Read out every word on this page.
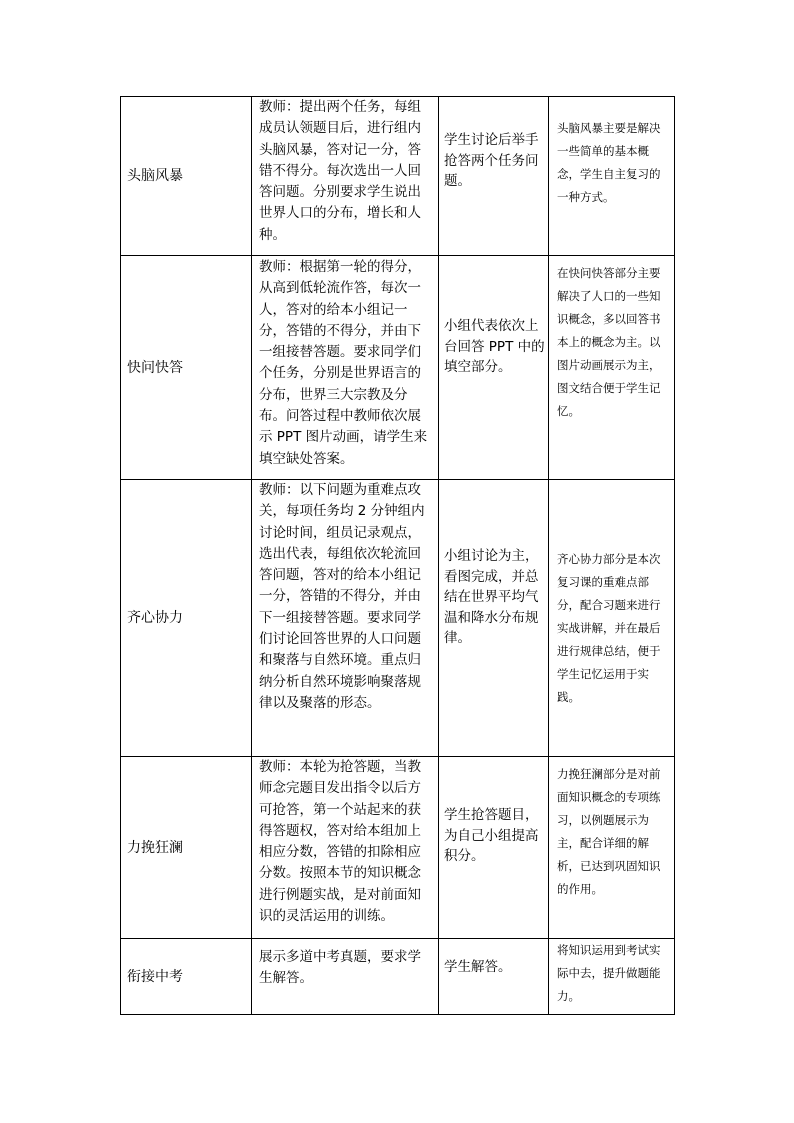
头脑风暴	教师：提出两个任务，每组成员认领题目后，进行组内头脑风暴，答对记一分，答错不得分。每次选出一人回答问题。分别要求学生说出世界人口的分布，增长和人种。	学生讨论后举手抢答两个任务问题。	头脑风暴主要是解决一些简单的基本概念，学生自主复习的一种方式。

快问快答	教师：根据第一轮的得分，从高到低轮流作答，每次一人，答对的给本小组记一分，答错的不得分，并由下一组接替答题。要求同学们个任务，分别是世界语言的分布，世界三大宗教及分布。问答过程中教师依次展示 PPT 图片动画，请学生来填空缺处答案。	小组代表依次上台回答 PPT 中的填空部分。	在快问快答部分主要解决了人口的一些知识概念，多以回答书本上的概念为主。以图片动画展示为主，图文结合便于学生记忆。

齐心协力	教师：以下问题为重难点攻关，每项任务均 2 分钟组内讨论时间，组员记录观点，选出代表，每组依次轮流回答问题，答对的给本小组记一分，答错的不得分，并由下一组接替答题。要求同学们讨论回答世界的人口问题和聚落与自然环境。重点归纳分析自然环境影响聚落规律以及聚落的形态。	小组讨论为主，看图完成，并总结在世界平均气温和降水分布规律。	齐心协力部分是本次复习课的重难点部分，配合习题来进行实战讲解，并在最后进行规律总结，便于学生记忆运用于实践。

力挽狂澜	教师：本轮为抢答题，当教师念完题目发出指令以后方可抢答，第一个站起来的获得答题权，答对给本组加上相应分数，答错的扣除相应分数。按照本节的知识概念进行例题实战，是对前面知识的灵活运用的训练。	学生抢答题目，为自己小组提高积分。	力挽狂澜部分是对前面知识概念的专项练习，以例题展示为主，配合详细的解析，已达到巩固知识的作用。

衔接中考	展示多道中考真题，要求学生解答。	学生解答。	将知识运用到考试实际中去，提升做题能力。
